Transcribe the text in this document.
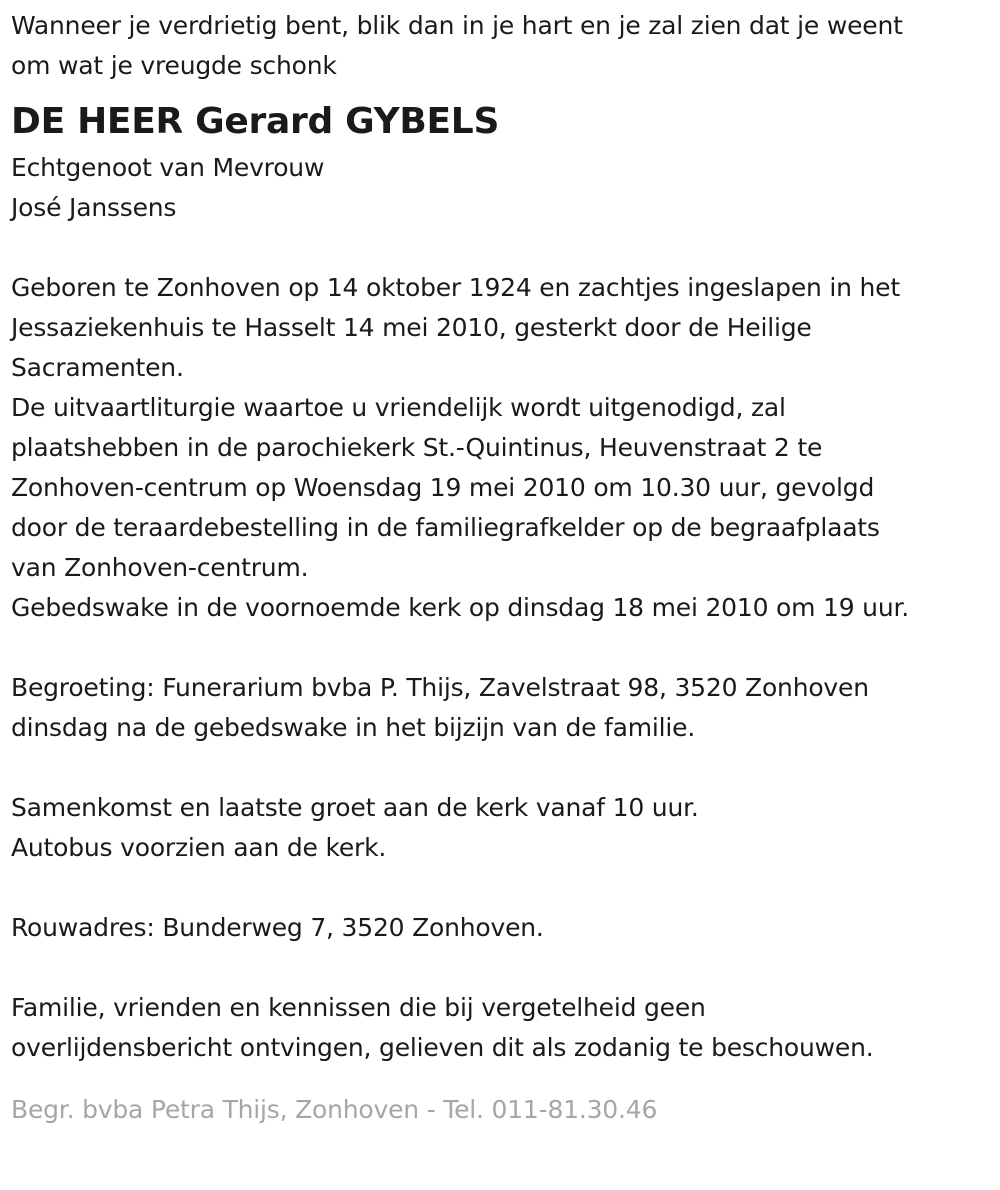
Wanneer je verdrietig bent, blik dan in je hart en je zal zien dat je weent

om wat je vreugde schonk

DE HEER Gerard GYBELS

Echtgenoot van Mevrouw

José Janssens

Geboren te Zonhoven op 14 oktober 1924 en zachtjes ingeslapen in het

Jessaziekenhuis te Hasselt 14 mei 2010, gesterkt door de Heilige

Sacramenten.

De uitvaartliturgie waartoe u vriendelijk wordt uitgenodigd, zal

plaatshebben in de parochiekerk St.-Quintinus, Heuvenstraat 2 te

Zonhoven-centrum op Woensdag 19 mei 2010 om 10.30 uur, gevolgd

door de teraardebestelling in de familiegrafkelder op de begraafplaats

van Zonhoven-centrum.

Gebedswake in de voornoemde kerk op dinsdag 18 mei 2010 om 19 uur.

Begroeting: Funerarium bvba P. Thijs, Zavelstraat 98, 3520 Zonhoven

dinsdag na de gebedswake in het bijzijn van de familie.

Samenkomst en laatste groet aan de kerk vanaf 10 uur.

Autobus voorzien aan de kerk.

Rouwadres: Bunderweg 7, 3520 Zonhoven.

Familie, vrienden en kennissen die bij vergetelheid geen

overlijdensbericht ontvingen, gelieven dit als zodanig te beschouwen.

Begr. bvba Petra Thijs, Zonhoven - Tel. 011-81.30.46
